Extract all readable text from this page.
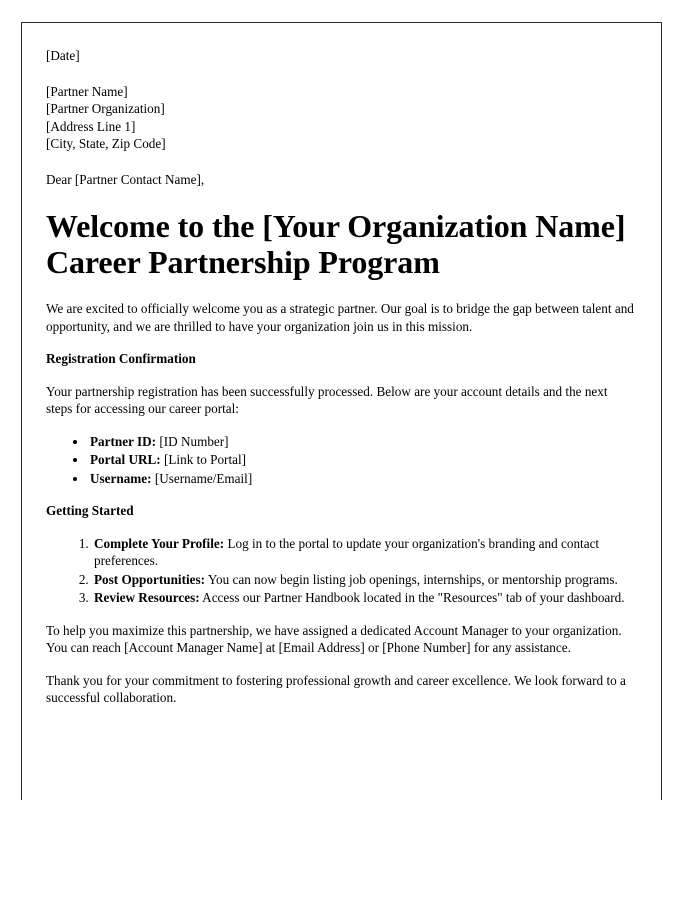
[Date]

[Partner Name]

[Partner Organization]

[Address Line 1]

[City, State, Zip Code]

Dear [Partner Contact Name],

Welcome to the [Your Organization Name] Career Partnership Program

We are excited to officially welcome you as a strategic partner. Our goal is to bridge the gap between talent and opportunity, and we are thrilled to have your organization join us in this mission.

Registration Confirmation

Your partnership registration has been successfully processed. Below are your account details and the next steps for accessing our career portal:

• Partner ID: [ID Number]
• Portal URL: [Link to Portal]
• Username: [Username/Email]

Getting Started

1. Complete Your Profile: Log in to the portal to update your organization's branding and contact preferences.
2. Post Opportunities: You can now begin listing job openings, internships, or mentorship programs.
3. Review Resources: Access our Partner Handbook located in the "Resources" tab of your dashboard.

To help you maximize this partnership, we have assigned a dedicated Account Manager to your organization. You can reach [Account Manager Name] at [Email Address] or [Phone Number] for any assistance.

Thank you for your commitment to fostering professional growth and career excellence. We look forward to a successful collaboration.
